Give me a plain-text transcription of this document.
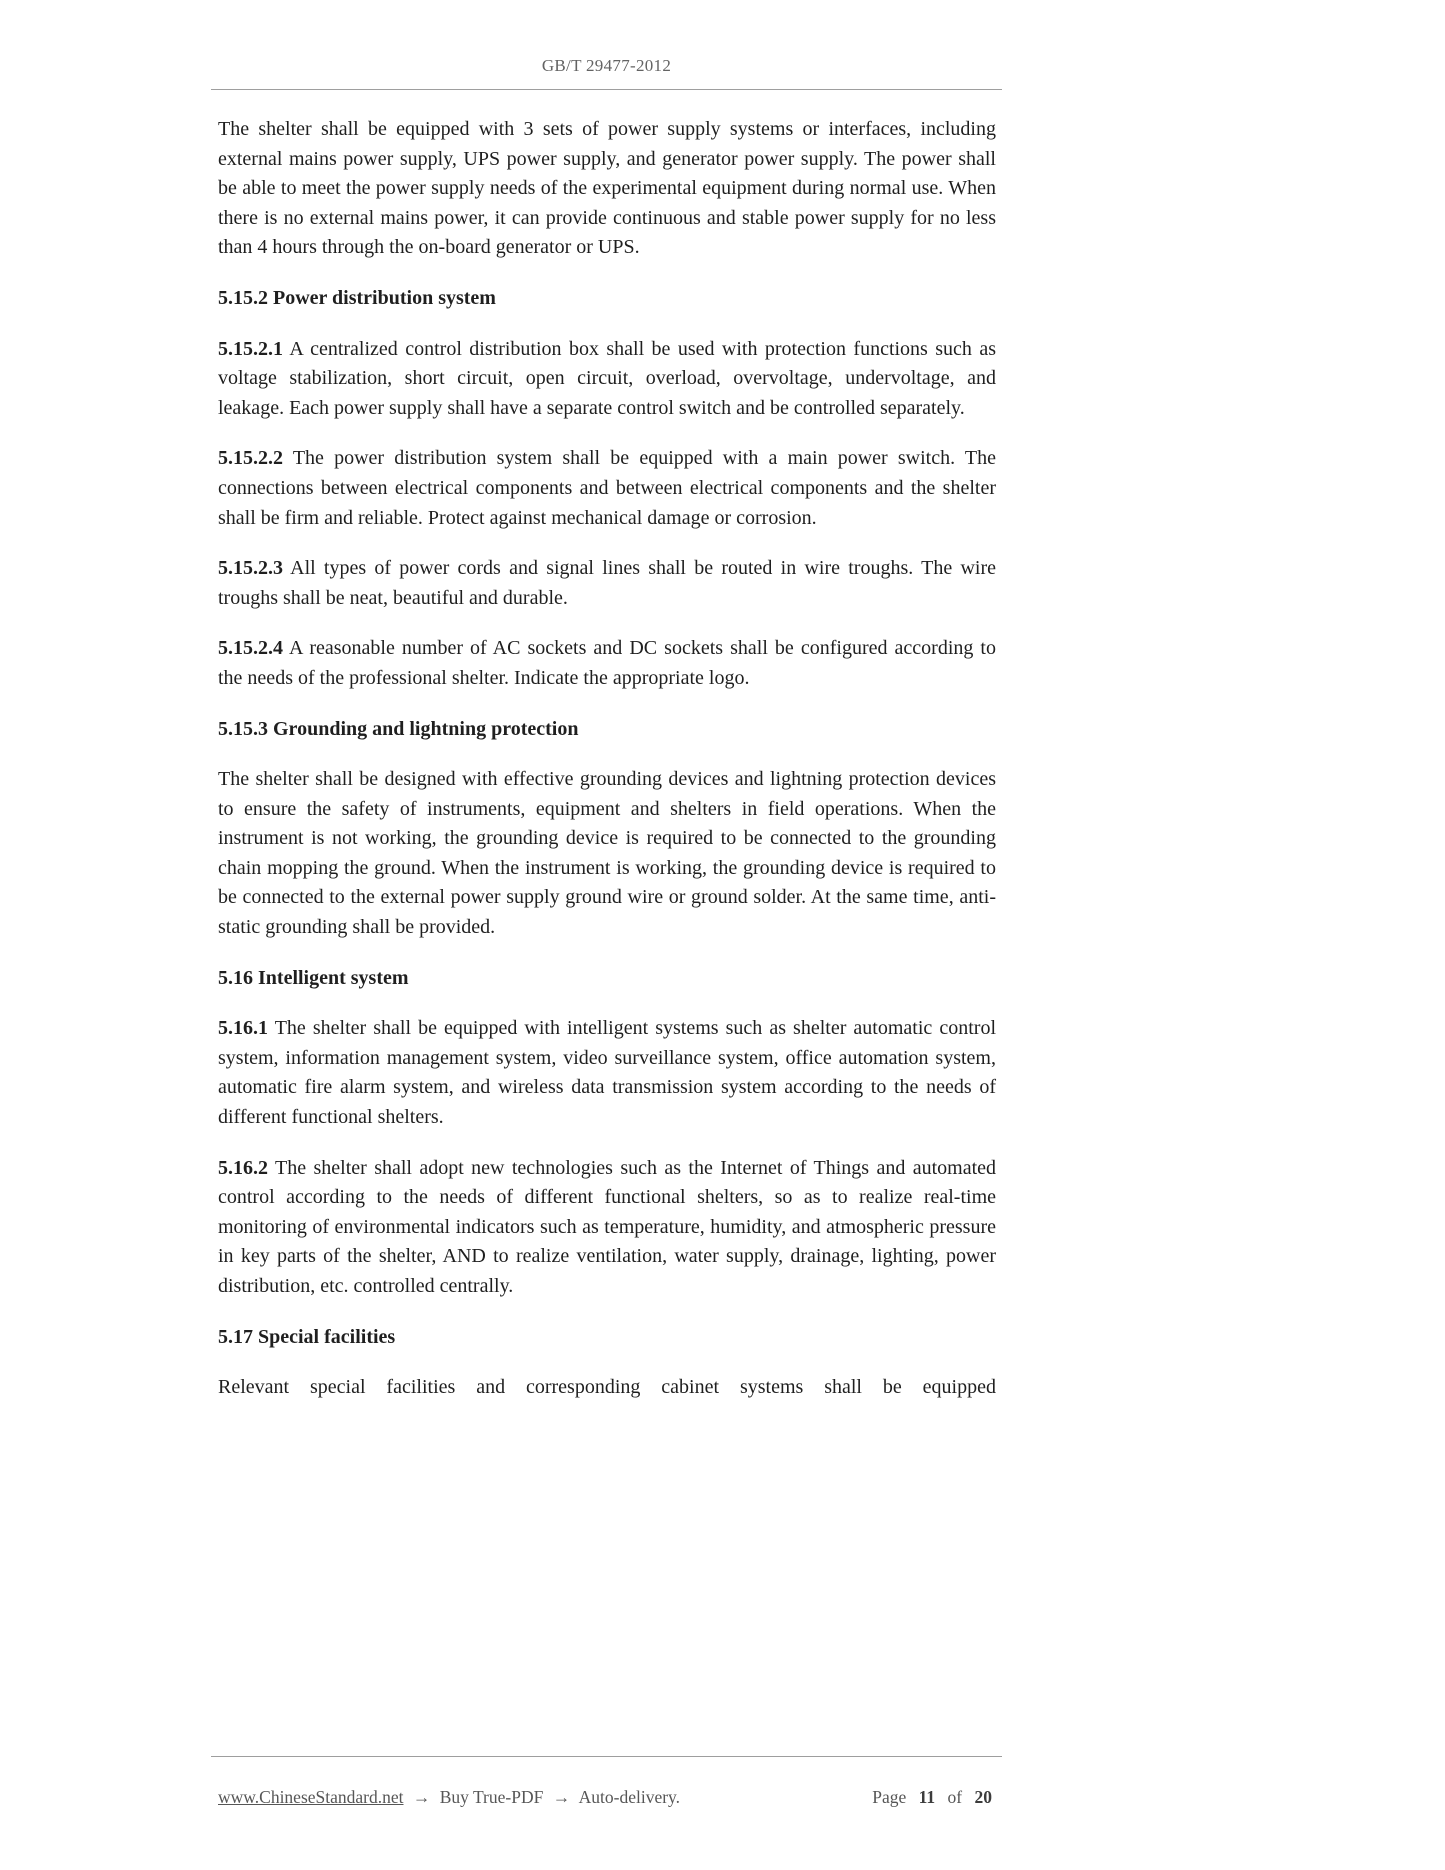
GB/T 29477-2012

The shelter shall be equipped with 3 sets of power supply systems or interfaces, including external mains power supply, UPS power supply, and generator power supply. The power shall be able to meet the power supply needs of the experimental equipment during normal use. When there is no external mains power, it can provide continuous and stable power supply for no less than 4 hours through the on-board generator or UPS.

5.15.2 Power distribution system

5.15.2.1 A centralized control distribution box shall be used with protection functions such as voltage stabilization, short circuit, open circuit, overload, overvoltage, undervoltage, and leakage. Each power supply shall have a separate control switch and be controlled separately.

5.15.2.2 The power distribution system shall be equipped with a main power switch. The connections between electrical components and between electrical components and the shelter shall be firm and reliable. Protect against mechanical damage or corrosion.

5.15.2.3 All types of power cords and signal lines shall be routed in wire troughs. The wire troughs shall be neat, beautiful and durable.

5.15.2.4 A reasonable number of AC sockets and DC sockets shall be configured according to the needs of the professional shelter. Indicate the appropriate logo.

5.15.3 Grounding and lightning protection

The shelter shall be designed with effective grounding devices and lightning protection devices to ensure the safety of instruments, equipment and shelters in field operations. When the instrument is not working, the grounding device is required to be connected to the grounding chain mopping the ground. When the instrument is working, the grounding device is required to be connected to the external power supply ground wire or ground solder. At the same time, anti-static grounding shall be provided.

5.16 Intelligent system

5.16.1 The shelter shall be equipped with intelligent systems such as shelter automatic control system, information management system, video surveillance system, office automation system, automatic fire alarm system, and wireless data transmission system according to the needs of different functional shelters.

5.16.2 The shelter shall adopt new technologies such as the Internet of Things and automated control according to the needs of different functional shelters, so as to realize real-time monitoring of environmental indicators such as temperature, humidity, and atmospheric pressure in key parts of the shelter, AND to realize ventilation, water supply, drainage, lighting, power distribution, etc. controlled centrally.

5.17 Special facilities

Relevant special facilities and corresponding cabinet systems shall be equipped

www.ChineseStandard.net → Buy True-PDF → Auto-delivery.	Page 11 of 20
